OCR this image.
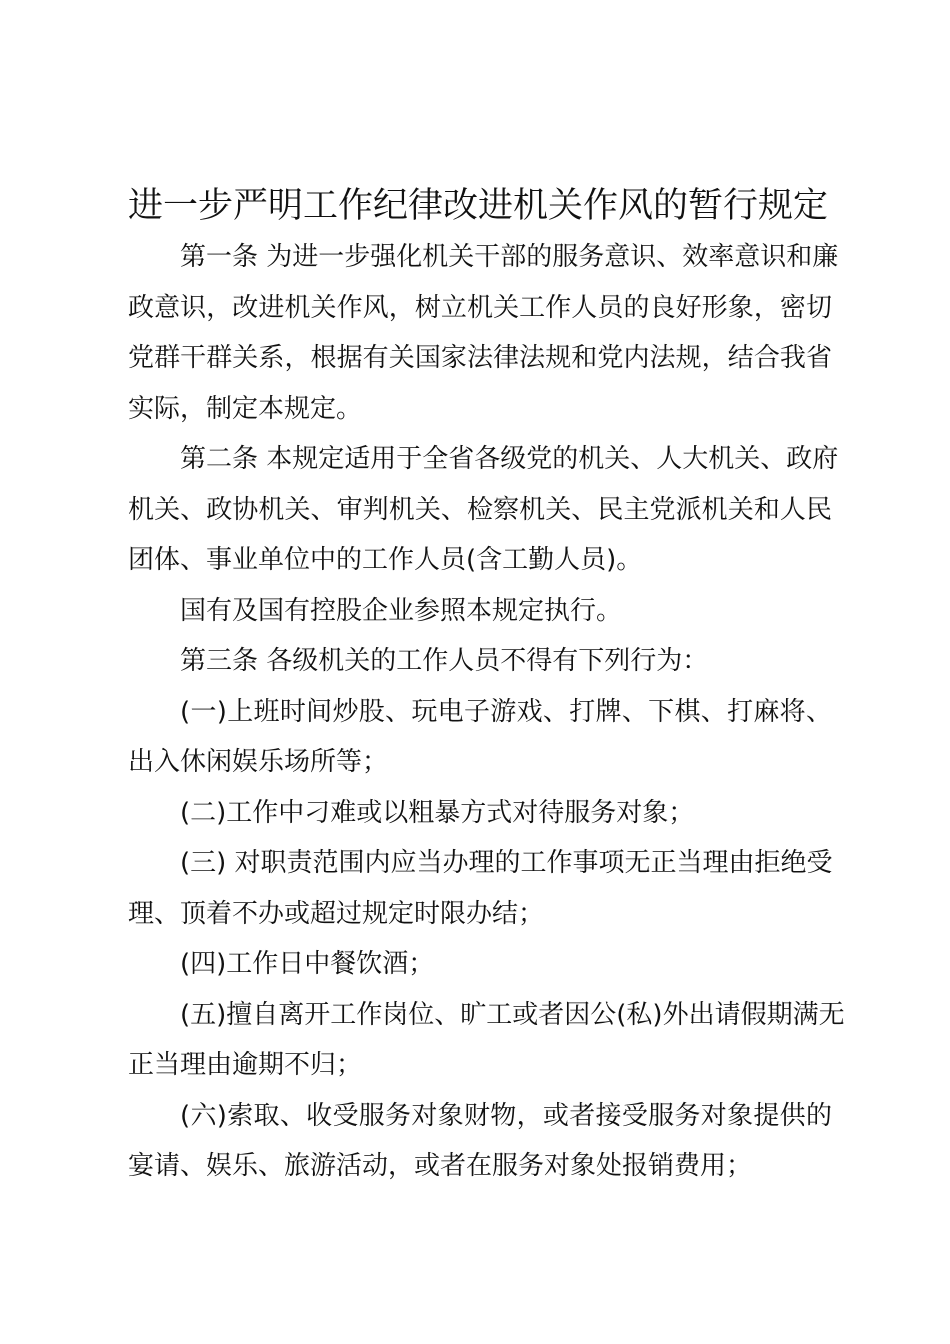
进一步严明工作纪律改进机关作风的暂行规定
第一条 为进一步强化机关干部的服务意识、效率意识和廉
政意识，改进机关作风，树立机关工作人员的良好形象，密切
党群干群关系，根据有关国家法律法规和党内法规，结合我省
实际，制定本规定。
第二条 本规定适用于全省各级党的机关、人大机关、政府
机关、政协机关、审判机关、检察机关、民主党派机关和人民
团体、事业单位中的工作人员(含工勤人员)。
国有及国有控股企业参照本规定执行。
第三条 各级机关的工作人员不得有下列行为：
(一)上班时间炒股、玩电子游戏、打牌、下棋、打麻将、
出入休闲娱乐场所等；
(二)工作中刁难或以粗暴方式对待服务对象；
(三) 对职责范围内应当办理的工作事项无正当理由拒绝受
理、顶着不办或超过规定时限办结；
(四)工作日中餐饮酒；
(五)擅自离开工作岗位、旷工或者因公(私)外出请假期满无
正当理由逾期不归；
(六)索取、收受服务对象财物，或者接受服务对象提供的
宴请、娱乐、旅游活动，或者在服务对象处报销费用；
